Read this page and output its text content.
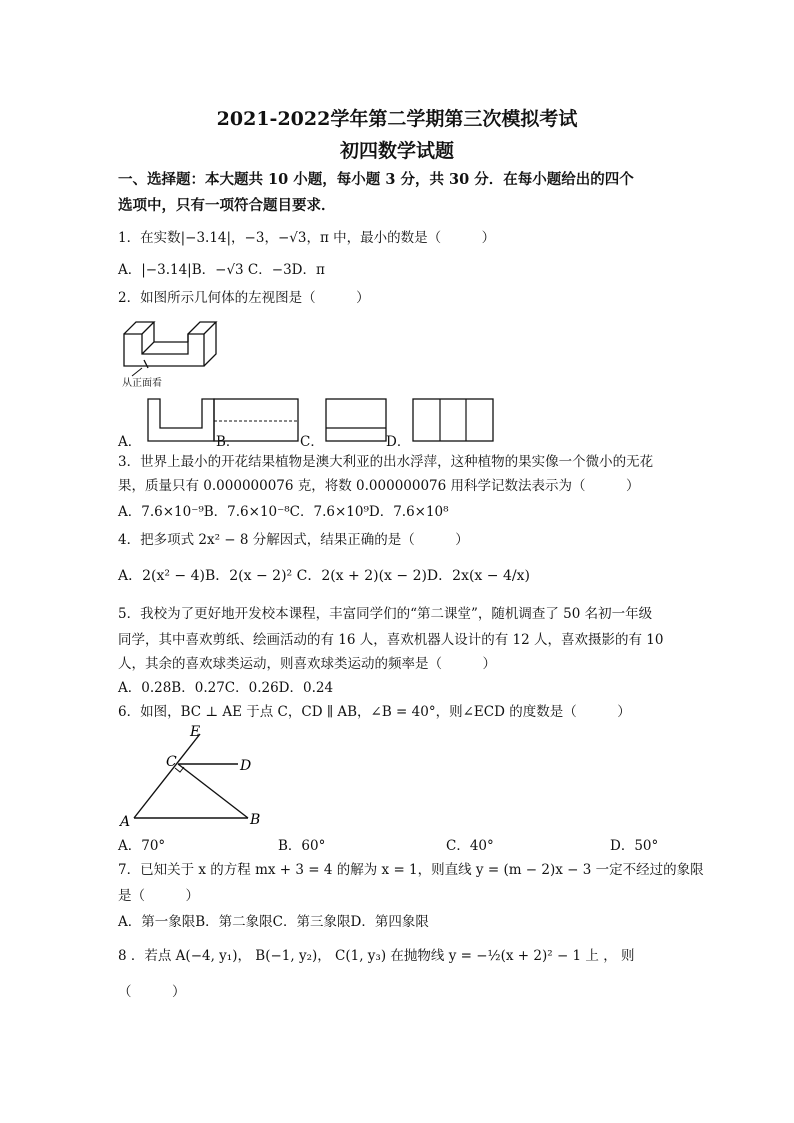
2021-2022学年第二学期第三次模拟考试
初四数学试题
一、选择题：本大题共 10 小题，每小题 3 分，共 30 分．在每小题给出的四个
选项中，只有一项符合题目要求．
1．在实数|−3.14|，−3，−√3，π 中，最小的数是（　　　）
A．|−3.14|B．−√3 C．−3D．π
2．如图所示几何体的左视图是（　　　）
从正面看
A．	B．	C．	D．
3．世界上最小的开花结果植物是澳大利亚的出水浮萍，这种植物的果实像一个微小的无花
果，质量只有 0.000000076 克，将数 0.000000076 用科学记数法表示为（　　　）
A．7.6×10⁻⁹B．7.6×10⁻⁸C．7.6×10⁹D．7.6×10⁸
4．把多项式 2x² − 8 分解因式，结果正确的是（　　　）
A．2(x² − 4)B．2(x − 2)² C．2(x + 2)(x − 2)D．2x(x − 4/x)
5．我校为了更好地开发校本课程，丰富同学们的“第二课堂”，随机调查了 50 名初一年级
同学，其中喜欢剪纸、绘画活动的有 16 人，喜欢机器人设计的有 12 人，喜欢摄影的有 10
人，其余的喜欢球类运动，则喜欢球类运动的频率是（　　　）
A．0.28B．0.27C．0.26D．0.24
6．如图，BC ⊥ AE 于点 C，CD ∥ AB，∠B = 40°，则∠ECD 的度数是（　　　）
E
C	D
A	B
A．70°	B．60°	C．40°	D．50°
7．已知关于 x 的方程 mx + 3 = 4 的解为 x = 1，则直线 y = (m − 2)x − 3 一定不经过的象限
是（　　　）
A．第一象限B．第二象限C．第三象限D．第四象限
8 ．若点 A(−4, y₁)， B(−1, y₂)， C(1, y₃) 在抛物线 y = −½(x + 2)² − 1 上 ， 则
（　　　）
